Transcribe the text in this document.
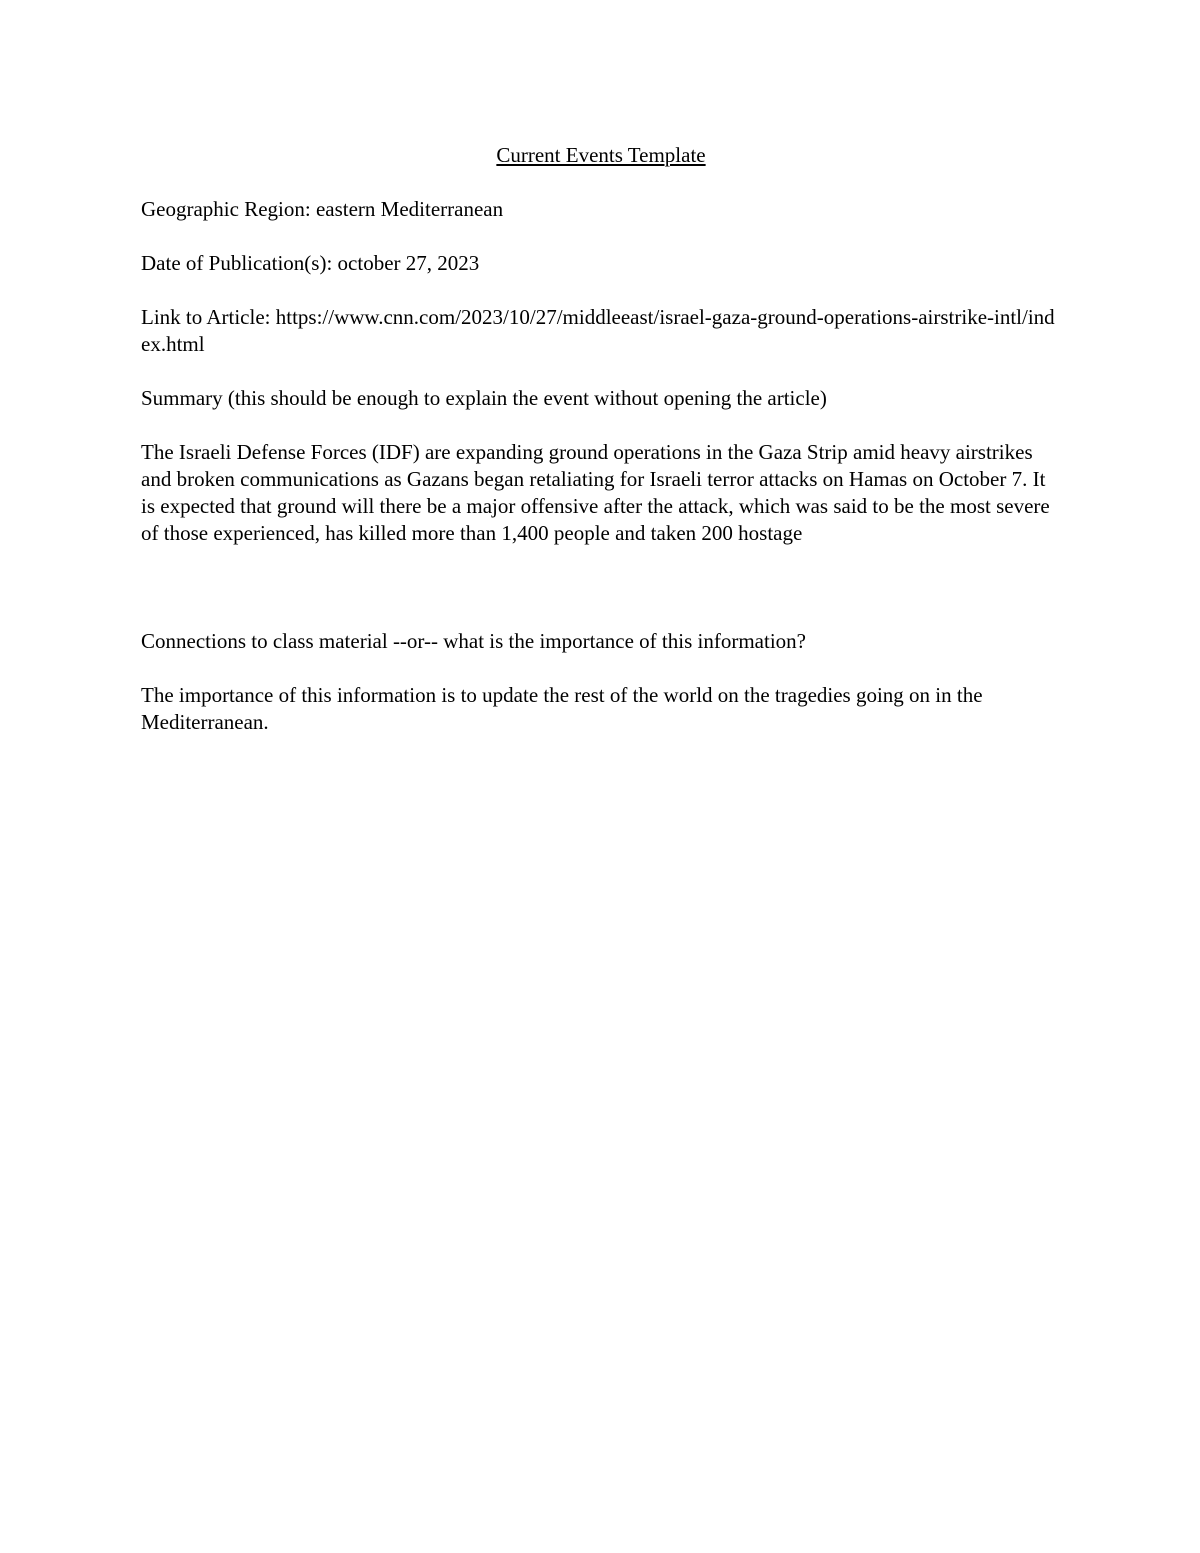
Current Events Template
Geographic Region: eastern Mediterranean
Date of Publication(s): october 27, 2023
Link to Article: https://www.cnn.com/2023/10/27/middleeast/israel-gaza-ground-operations-airstrike-intl/index.html
Summary (this should be enough to explain the event without opening the article)
The Israeli Defense Forces (IDF) are expanding ground operations in the Gaza Strip amid heavy airstrikes and broken communications as Gazans began retaliating for Israeli terror attacks on Hamas on October 7. It is expected that ground will there be a major offensive after the attack, which was said to be the most severe of those experienced, has killed more than 1,400 people and taken 200 hostage
Connections to class material --or-- what is the importance of this information?
The importance of this information is to update the rest of the world on the tragedies going on in the Mediterranean.
